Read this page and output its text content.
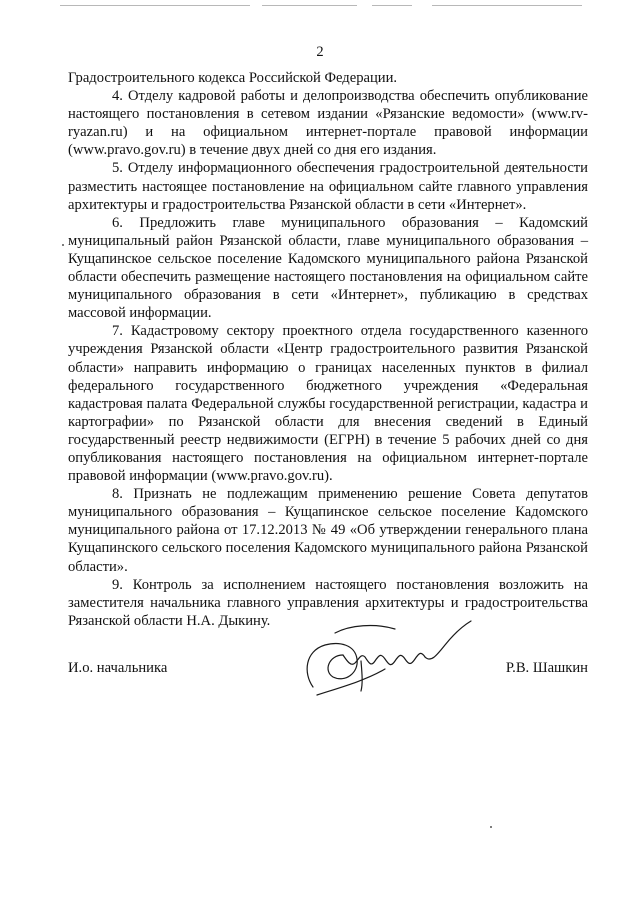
2

Градостроительного кодекса Российской Федерации.

4. Отделу кадровой работы и делопроизводства обеспечить опубликование настоящего постановления в сетевом издании «Рязанские ведомости» (www.rv-ryazan.ru) и на официальном интернет-портале правовой информации (www.pravo.gov.ru) в течение двух дней со дня его издания.

5. Отделу информационного обеспечения градостроительной деятельности разместить настоящее постановление на официальном сайте главного управления архитектуры и градостроительства Рязанской области в сети «Интернет».

6. Предложить главе муниципального образования – Кадомский муниципальный район Рязанской области, главе муниципального образования – Кущапинское сельское поселение Кадомского муниципального района Рязанской области обеспечить размещение настоящего постановления на официальном сайте муниципального образования в сети «Интернет», публикацию в средствах массовой информации.

7. Кадастровому сектору проектного отдела государственного казенного учреждения Рязанской области «Центр градостроительного развития Рязанской области» направить информацию о границах населенных пунктов в филиал федерального государственного бюджетного учреждения «Федеральная кадастровая палата Федеральной службы государственной регистрации, кадастра и картографии» по Рязанской области для внесения сведений в Единый государственный реестр недвижимости (ЕГРН) в течение 5 рабочих дней со дня опубликования настоящего постановления на официальном интернет-портале правовой информации (www.pravo.gov.ru).

8. Признать не подлежащим применению решение Совета депутатов муниципального образования – Кущапинское сельское поселение Кадомского муниципального района от 17.12.2013 № 49 «Об утверждении генерального плана Кущапинского сельского поселения Кадомского муниципального района Рязанской области».

9. Контроль за исполнением настоящего постановления возложить на заместителя начальника главного управления архитектуры и градостроительства Рязанской области Н.А. Дыкину.

И.о. начальника	Р.В. Шашкин
